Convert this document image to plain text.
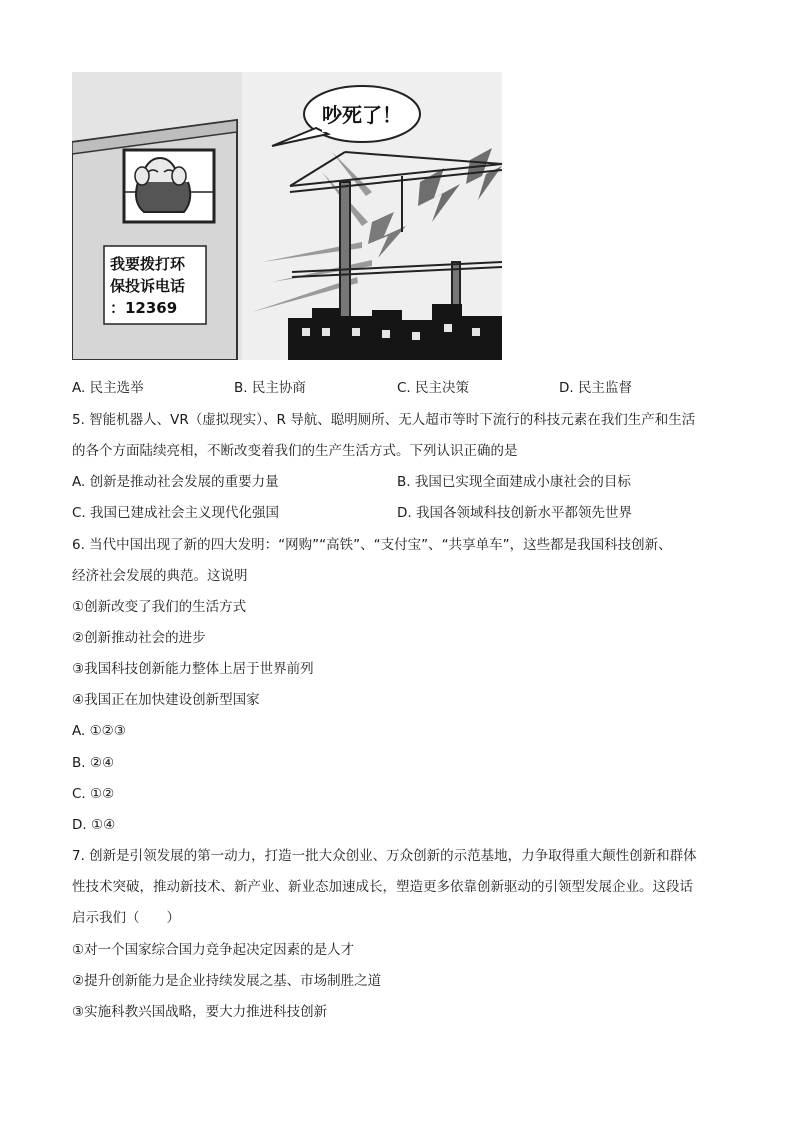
我要拨打环
保投诉电话
：12369
吵死了！
A. 民主选举	B. 民主协商	C. 民主决策	D. 民主监督
5. 智能机器人、VR（虚拟现实）、R 导航、聪明厕所、无人超市等时下流行的科技元素在我们生产和生活
的各个方面陆续亮相，不断改变着我们的生产生活方式。下列认识正确的是
A. 创新是推动社会发展的重要力量	B. 我国已实现全面建成小康社会的目标
C. 我国已建成社会主义现代化强国	D. 我国各领域科技创新水平都领先世界
6. 当代中国出现了新的四大发明：“网购”“高铁”、“支付宝”、“共享单车”，这些都是我国科技创新、
经济社会发展的典范。这说明
①创新改变了我们的生活方式
②创新推动社会的进步
③我国科技创新能力整体上居于世界前列
④我国正在加快建设创新型国家
A. ①②③
B. ②④
C. ①②
D. ①④
7. 创新是引领发展的第一动力，打造一批大众创业、万众创新的示范基地，力争取得重大颠性创新和群体
性技术突破，推动新技术、新产业、新业态加速成长，塑造更多依靠创新驱动的引领型发展企业。这段话
启示我们（　　）
①对一个国家综合国力竞争起决定因素的是人才
②提升创新能力是企业持续发展之基、市场制胜之道
③实施科教兴国战略，要大力推进科技创新
